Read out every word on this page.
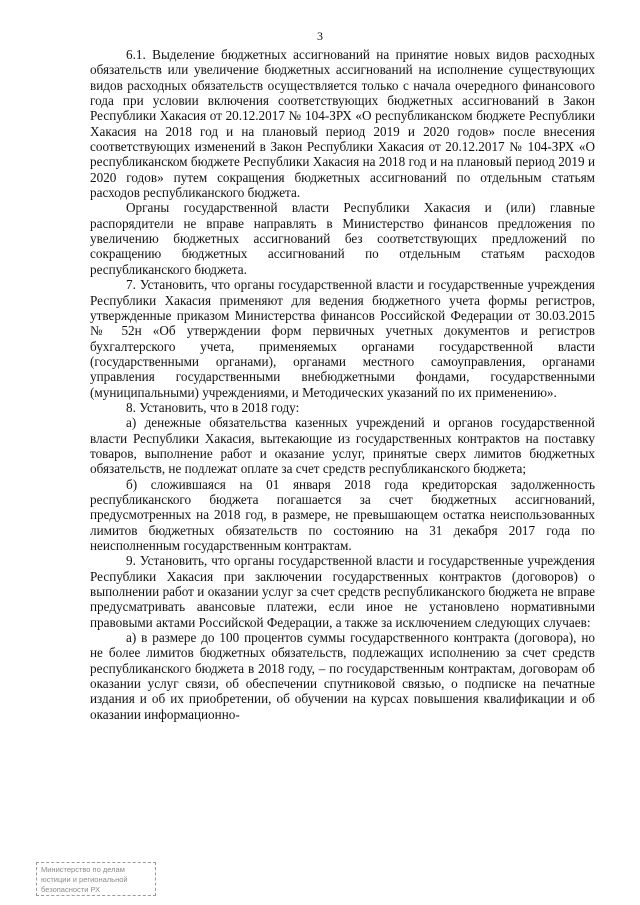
3

6.1. Выделение бюджетных ассигнований на принятие новых видов расходных обязательств или увеличение бюджетных ассигнований на исполнение существующих видов расходных обязательств осуществляется только с начала очередного финансового года при условии включения соответствующих бюджетных ассигнований в Закон Республики Хакасия от 20.12.2017 № 104-ЗРХ «О республиканском бюджете Республики Хакасия на 2018 год и на плановый период 2019 и 2020 годов» после внесения соответствующих изменений в Закон Республики Хакасия от 20.12.2017 № 104-ЗРХ «О республиканском бюджете Республики Хакасия на 2018 год и на плановый период 2019 и 2020 годов» путем сокращения бюджетных ассигнований по отдельным статьям расходов республиканского бюджета.

Органы государственной власти Республики Хакасия и (или) главные распорядители не вправе направлять в Министерство финансов предложения по увеличению бюджетных ассигнований без соответствующих предложений по сокращению бюджетных ассигнований по отдельным статьям расходов республиканского бюджета.

7. Установить, что органы государственной власти и государственные учреждения Республики Хакасия применяют для ведения бюджетного учета формы регистров, утвержденные приказом Министерства финансов Российской Федерации от 30.03.2015 № 52н «Об утверждении форм первичных учетных документов и регистров бухгалтерского учета, применяемых органами государственной власти (государственными органами), органами местного самоуправления, органами управления государственными внебюджетными фондами, государственными (муниципальными) учреждениями, и Методических указаний по их применению».

8. Установить, что в 2018 году:

а) денежные обязательства казенных учреждений и органов государственной власти Республики Хакасия, вытекающие из государственных контрактов на поставку товаров, выполнение работ и оказание услуг, принятые сверх лимитов бюджетных обязательств, не подлежат оплате за счет средств республиканского бюджета;

б) сложившаяся на 01 января 2018 года кредиторская задолженность республиканского бюджета погашается за счет бюджетных ассигнований, предусмотренных на 2018 год, в размере, не превышающем остатка неиспользованных лимитов бюджетных обязательств по состоянию на 31 декабря 2017 года по неисполненным государственным контрактам.

9. Установить, что органы государственной власти и государственные учреждения Республики Хакасия при заключении государственных контрактов (договоров) о выполнении работ и оказании услуг за счет средств республиканского бюджета не вправе предусматривать авансовые платежи, если иное не установлено нормативными правовыми актами Российской Федерации, а также за исключением следующих случаев:

а) в размере до 100 процентов суммы государственного контракта (договора), но не более лимитов бюджетных обязательств, подлежащих исполнению за счет средств республиканского бюджета в 2018 году, – по государственным контрактам, договорам об оказании услуг связи, об обеспечении спутниковой связью, о подписке на печатные издания и об их приобретении, об обучении на курсах повышения квалификации и об оказании информационно-

Министерство по делам
юстиции и региональной
безопасности РХ
